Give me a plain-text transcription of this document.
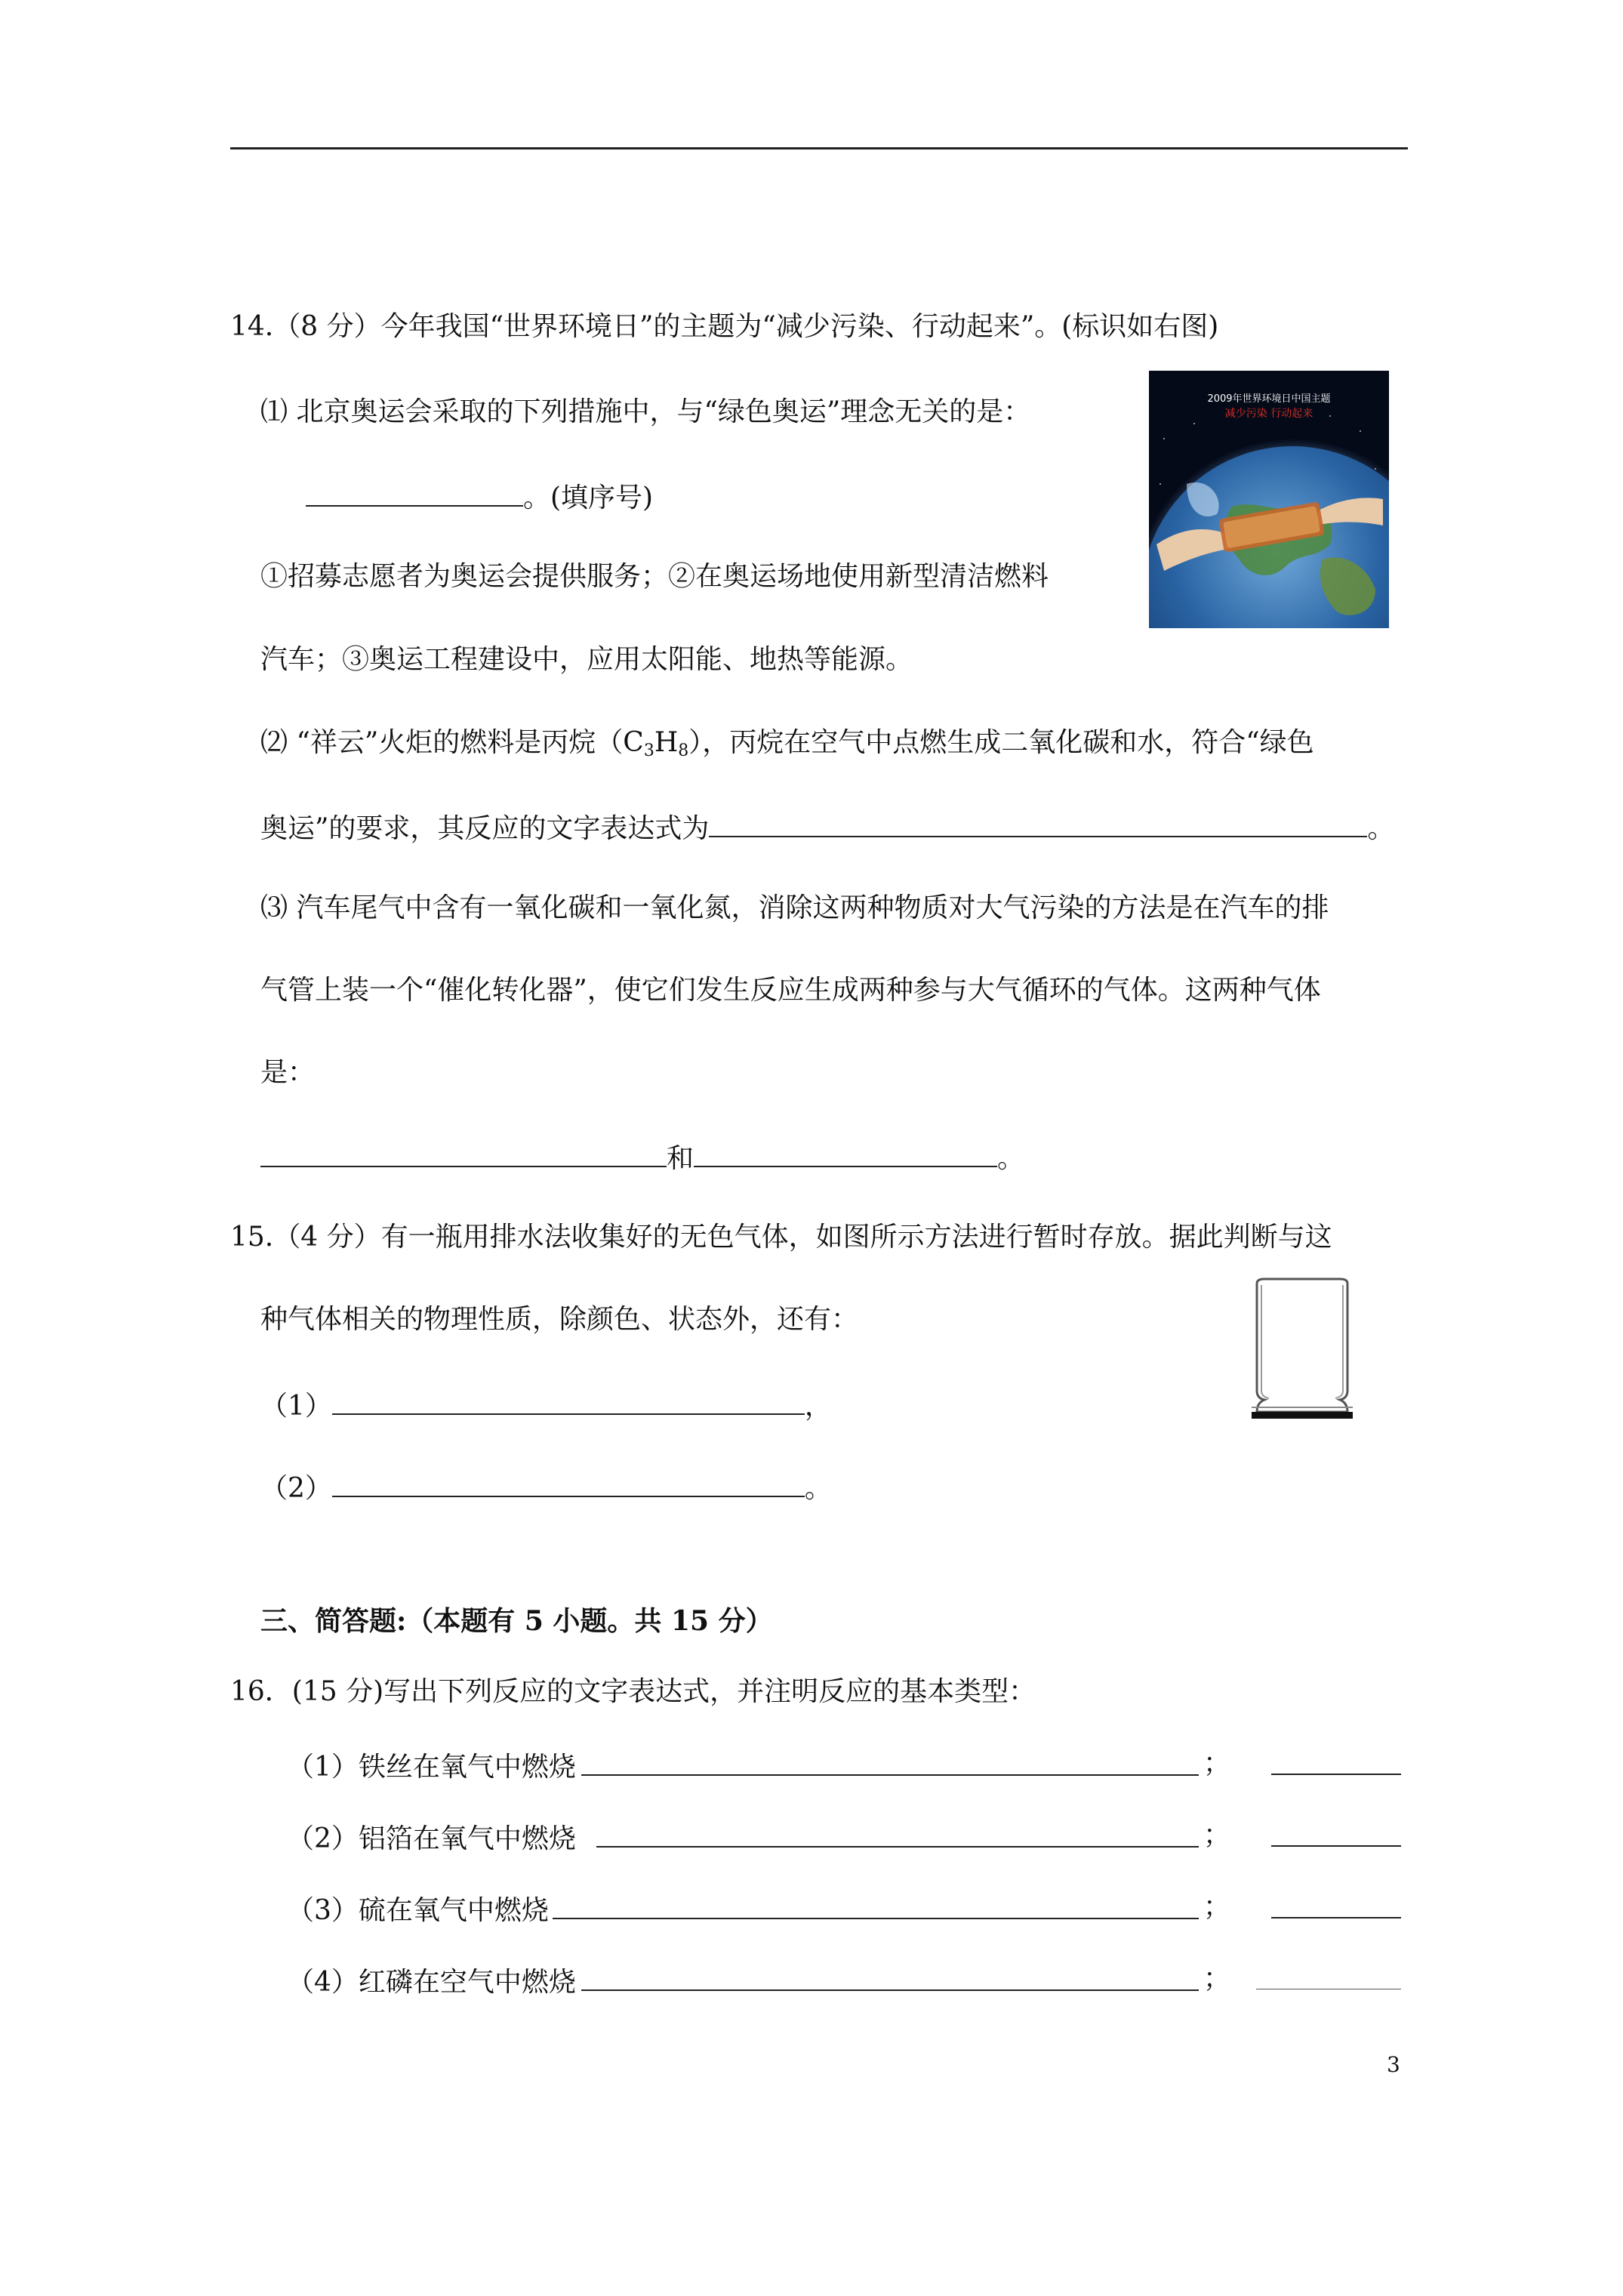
14.（8 分）今年我国“世界环境日”的主题为“减少污染、行动起来”。(标识如右图)
⑴ 北京奥运会采取的下列措施中，与“绿色奥运”理念无关的是：
。(填序号)
①招募志愿者为奥运会提供服务；②在奥运场地使用新型清洁燃料
汽车；③奥运工程建设中，应用太阳能、地热等能源。
⑵ “祥云”火炬的燃料是丙烷$(C_3H_8)$，丙烷在空气中点燃生成二氧化碳和水，符合“绿色
奥运”的要求，其反应的文字表达式为	。
⑶ 汽车尾气中含有一氧化碳和一氧化氮，消除这两种物质对大气污染的方法是在汽车的排
气管上装一个“催化转化器”，使它们发生反应生成两种参与大气循环的气体。这两种气体
是：
和	。
2009年世界环境日中国主题
减少污染 行动起来
15.（4 分）有一瓶用排水法收集好的无色气体，如图所示方法进行暂时存放。据此判断与这
种气体相关的物理性质，除颜色、状态外，还有：
（1）	，
（2）	。
三、简答题:（本题有 5 小题。共 15 分）
16．(15 分)写出下列反应的文字表达式，并注明反应的基本类型：
（1）铁丝在氧气中燃烧	；
（2）铝箔在氧气中燃烧	；
（3）硫在氧气中燃烧	；
（4）红磷在空气中燃烧	；
3
